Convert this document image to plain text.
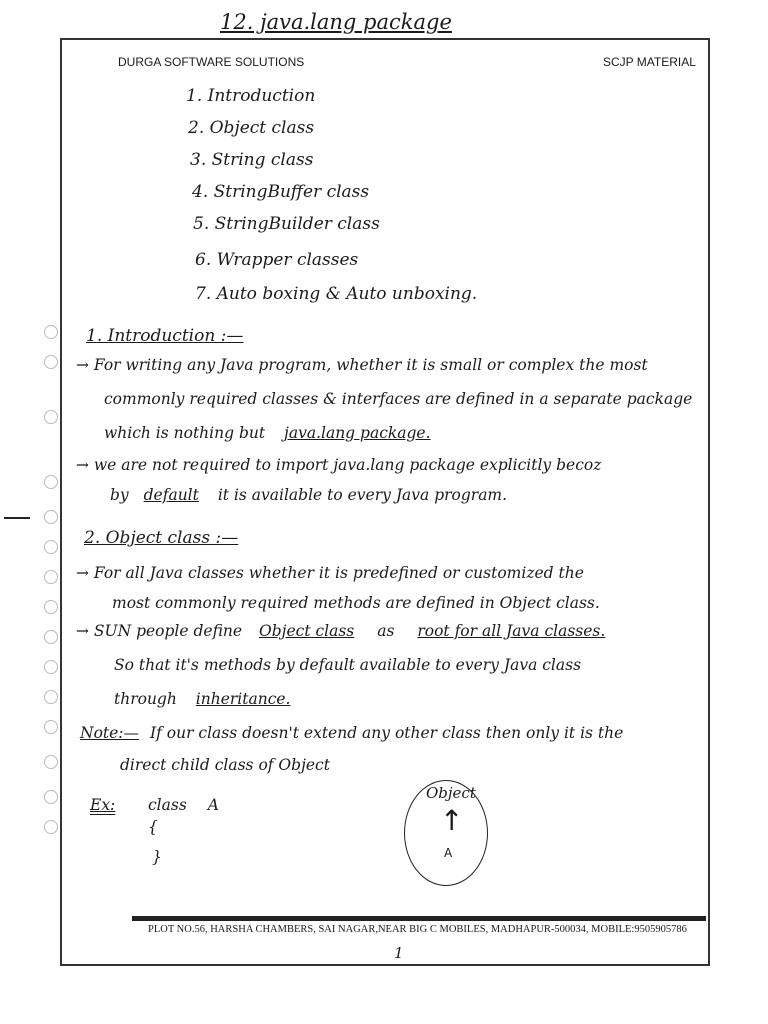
12. java.lang package
DURGA SOFTWARE SOLUTIONS	SCJP MATERIAL
1. Introduction
2. Object class
3. String class
4. StringBuffer class
5. StringBuilder class
6. Wrapper classes
7. Auto boxing & Auto unboxing.
1. Introduction :—
→ For writing any Java program, whether it is small or complex the most
commonly required classes & interfaces are defined in a separate package
which is nothing but java.lang package.
→ we are not required to import java.lang package explicitly becoz
by default it is available to every Java program.
2. Object class :—
→ For all Java classes whether it is predefined or customized the
most commonly required methods are defined in Object class.
→ SUN people define Object class as root for all Java classes.
So that it's methods by default available to every Java class
through inheritance.
Note:— If our class doesn't extend any other class then only it is the
direct child class of Object
Ex: class A
{
}
Object
↑
A
PLOT NO.56, HARSHA CHAMBERS, SAI NAGAR,NEAR BIG C MOBILES, MADHAPUR-500034, MOBILE:9505905786
1
